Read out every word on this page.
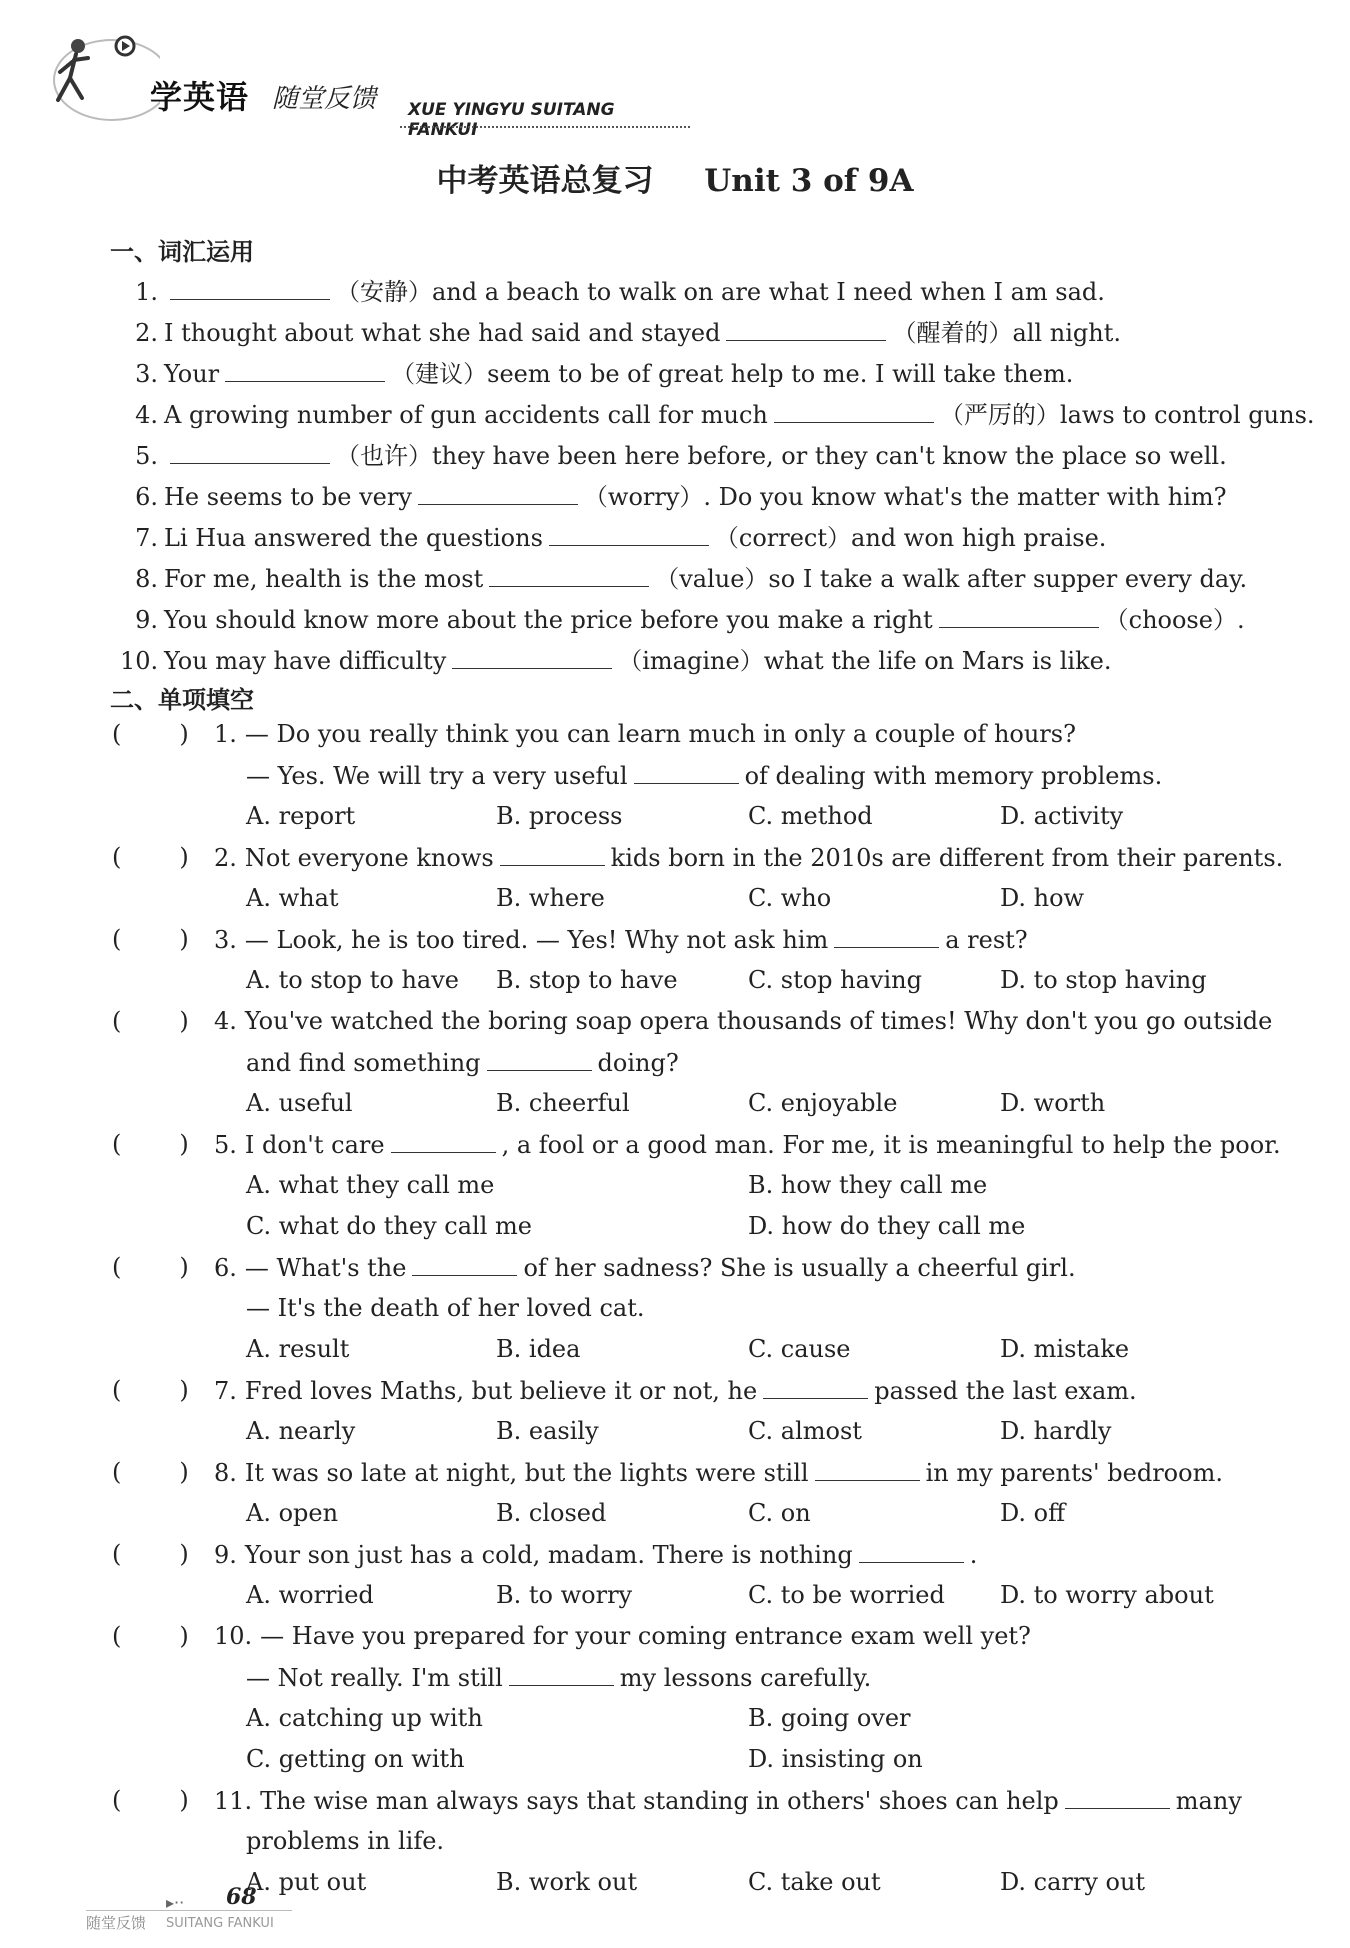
学英语 随堂反馈 XUE YINGYU SUITANG FANKUI
中考英语总复习 Unit 3 of 9A
一、词汇运用
1.	（安静）and a beach to walk on are what I need when I am sad.
2. I thought about what she had said and stayed	（醒着的）all night.
3. Your	（建议）seem to be of great help to me. I will take them.
4. A growing number of gun accidents call for much	（严厉的）laws to control guns.
5.	（也许）they have been here before, or they can't know the place so well.
6. He seems to be very	（worry）. Do you know what's the matter with him?
7. Li Hua answered the questions	（correct）and won high praise.
8. For me, health is the most	（value）so I take a walk after supper every day.
9. You should know more about the price before you make a right	（choose）.
10. You may have difficulty	（imagine）what the life on Mars is like.
二、单项填空
( ) 1. — Do you really think you can learn much in only a couple of hours?
— Yes. We will try a very useful	of dealing with memory problems.
A. report	B. process	C. method	D. activity
( ) 2. Not everyone knows	kids born in the 2010s are different from their parents.
A. what	B. where	C. who	D. how
( ) 3. — Look, he is too tired. — Yes! Why not ask him	a rest?
A. to stop to have B. stop to have	C. stop having	D. to stop having
( ) 4. You've watched the boring soap opera thousands of times! Why don't you go outside
and find something	doing?
A. useful	B. cheerful	C. enjoyable	D. worth
( ) 5. I don't care	, a fool or a good man. For me, it is meaningful to help the poor.
A. what they call me	B. how they call me
C. what do they call me	D. how do they call me
( ) 6. — What's the	of her sadness? She is usually a cheerful girl.
— It's the death of her loved cat.
A. result	B. idea	C. cause	D. mistake
( ) 7. Fred loves Maths, but believe it or not, he	passed the last exam.
A. nearly	B. easily	C. almost	D. hardly
( ) 8. It was so late at night, but the lights were still	in my parents' bedroom.
A. open	B. closed	C. on	D. off
( ) 9. Your son just has a cold, madam. There is nothing	.
A. worried	B. to worry	C. to be worried D. to worry about
( ) 10. — Have you prepared for your coming entrance exam well yet?
— Not really. I'm still	my lessons carefully.
A. catching up with	B. going over
C. getting on with	D. insisting on
( ) 11. The wise man always says that standing in others' shoes can help	many
problems in life.
A. put out	B. work out	C. take out	D. carry out
▸·· 68
随堂反馈 SUITANG FANKUI
